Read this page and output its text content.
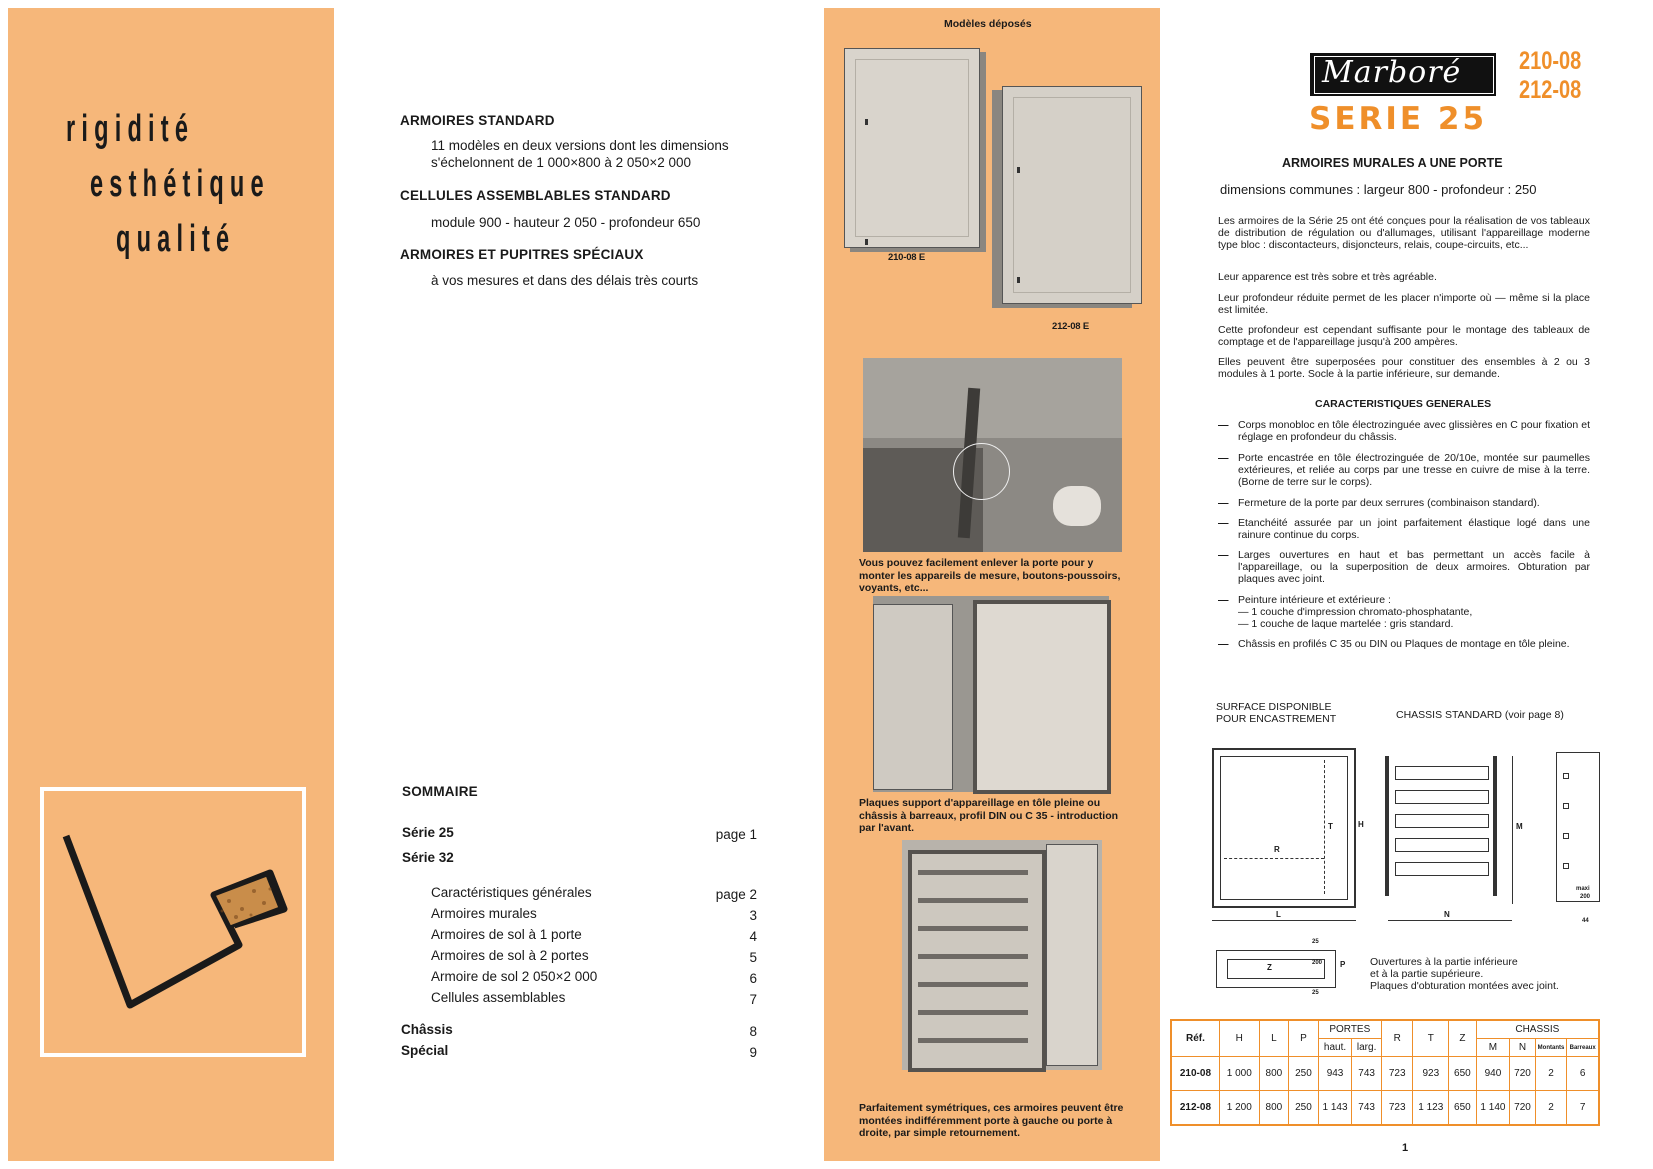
rigidité
esthétique
qualité
ARMOIRES STANDARD
11 modèles en deux versions dont les dimensions
s'échelonnent de 1 000×800 à 2 050×2 000
CELLULES ASSEMBLABLES STANDARD
module 900 - hauteur 2 050 - profondeur 650
ARMOIRES ET PUPITRES SPÉCIAUX
à vos mesures et dans des délais très courts
SOMMAIRE
Série 25	page 1
Série 32
Caractéristiques générales	page 2
Armoires murales	3
Armoires de sol à 1 porte	4
Armoires de sol à 2 portes	5
Armoire de sol 2 050×2 000	6
Cellules assemblables	7
Châssis	8
Spécial	9
Modèles déposés
210-08 E
212-08 E
Vous pouvez facilement enlever la porte pour y monter les appareils de mesure, boutons-poussoirs, voyants, etc...
Plaques support d'appareillage en tôle pleine ou châssis à barreaux, profil DIN ou C 35 - introduction par l'avant.
Parfaitement symétriques, ces armoires peuvent être montées indifféremment porte à gauche ou porte à droite, par simple retournement.
Marboré 210-08
212-08
SERIE 25
ARMOIRES MURALES A UNE PORTE
dimensions communes : largeur 800 - profondeur : 250
Les armoires de la Série 25 ont été conçues pour la réalisation de vos tableaux de distribution de régulation ou d'allumages, utilisant l'appareillage moderne type bloc : discontacteurs, disjoncteurs, relais, coupe-circuits, etc...
Leur apparence est très sobre et très agréable.
Leur profondeur réduite permet de les placer n'importe où — même si la place est limitée.
Cette profondeur est cependant suffisante pour le montage des tableaux de comptage et de l'appareillage jusqu'à 200 ampères.
Elles peuvent être superposées pour constituer des ensembles à 2 ou 3 modules à 1 porte. Socle à la partie inférieure, sur demande.
CARACTERISTIQUES GENERALES
— Corps monobloc en tôle électrozinguée avec glissières en C pour fixation et réglage en profondeur du châssis.
— Porte encastrée en tôle électrozinguée de 20/10e, montée sur paumelles extérieures, et reliée au corps par une tresse en cuivre de mise à la terre. (Borne de terre sur le corps).
— Fermeture de la porte par deux serrures (combinaison standard).
— Etanchéité assurée par un joint parfaitement élastique logé dans une rainure continue du corps.
— Larges ouvertures en haut et bas permettant un accès facile à l'appareillage, ou la superposition de deux armoires. Obturation par plaques avec joint.
— Peinture intérieure et extérieure :
— 1 couche d'impression chromato-phosphatante,
— 1 couche de laque martelée : gris standard.
— Châssis en profilés C 35 ou DIN ou Plaques de montage en tôle pleine.
SURFACE DISPONIBLE
POUR ENCASTREMENT	CHASSIS STANDARD (voir page 8)
R
T	H
L
M
N
maxi
200
44
Z
25
200
25
P Ouvertures à la partie inférieure
et à la partie supérieure.
Plaques d'obturation montées avec joint.
Réf.	H	L	P	PORTES		R	T	Z	CHASSIS			
				haut.	larg.				M	N	Montants	Barreaux
210-08	1 000	800	250	943	743	723	923	650	940	720	2	6
212-08	1 200	800	250	1 143	743	723	1 123	650	1 140	720	2	7
1
